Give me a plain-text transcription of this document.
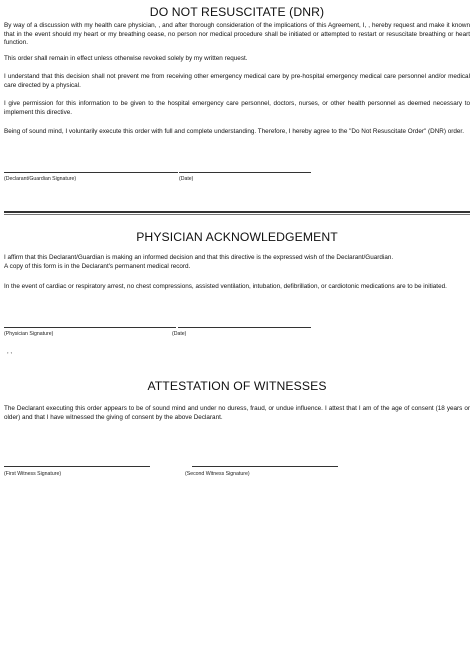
DO NOT RESUSCITATE (DNR)
By way of a discussion with my health care physician, , and after thorough consideration of the implications of this Agreement, I, , hereby request and make it known that in the event should my heart or my breathing cease, no person nor medical procedure shall be initiated or attempted to restart or resuscitate breathing or heart function.
This order shall remain in effect unless otherwise revoked solely by my written request.
I understand that this decision shall not prevent me from receiving other emergency medical care by pre-hospital emergency medical care personnel and/or medical care directed by a physical.
I give permission for this information to be given to the hospital emergency care personnel, doctors, nurses, or other health personnel as deemed necessary to implement this directive.
Being of sound mind, I voluntarily execute this order with full and complete understanding. Therefore, I hereby agree to the "Do Not Resuscitate Order" (DNR) order.
(Declarant/Guardian Signature)	(Date)
PHYSICIAN ACKNOWLEDGEMENT
I affirm that this Declarant/Guardian is making an informed decision and that this directive is the expressed wish of the Declarant/Guardian.
A copy of this form is in the Declarant's permanent medical record.
In the event of cardiac or respiratory arrest, no chest compressions, assisted ventilation, intubation, defibrillation, or cardiotonic medications are to be initiated.
(Physician Signature)	(Date)
, ,
ATTESTATION OF WITNESSES
The Declarant executing this order appears to be of sound mind and under no duress, fraud, or undue influence. I attest that I am of the age of consent (18 years or older) and that I have witnessed the giving of consent by the above Declarant.
(First Witness Signature)	(Second Witness Signature)
